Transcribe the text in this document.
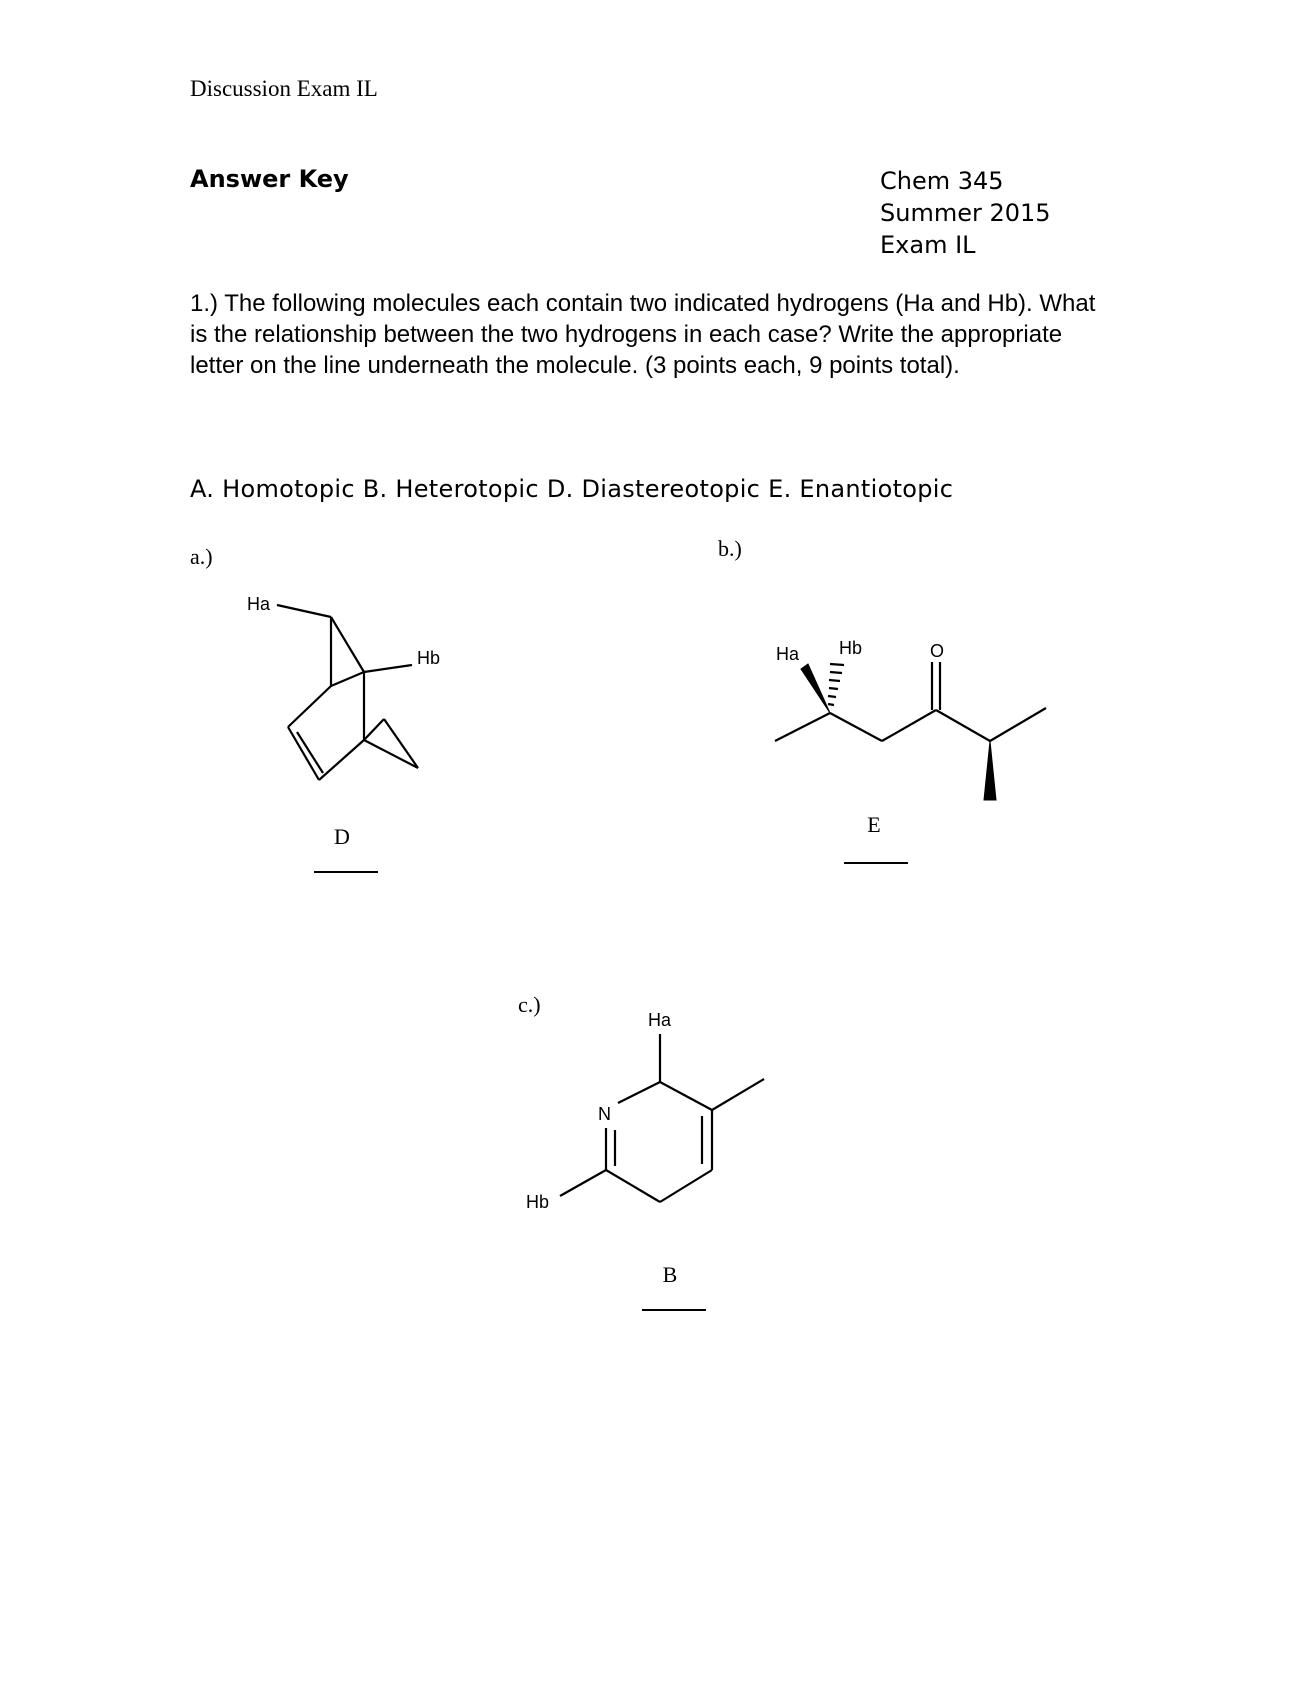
Discussion Exam IL
Answer Key	Chem 345
Summer 2015
Exam IL
1.) The following molecules each contain two indicated hydrogens (Ha and Hb). What is the relationship between the two hydrogens in each case? Write the appropriate letter on the line underneath the molecule. (3 points each, 9 points total).
A. Homotopic B. Heterotopic D. Diastereotopic E. Enantiotopic
a.)	b.)
c.)
Ha
Hb	Ha Hb	O
Ha
N
Hb
D	E
B
